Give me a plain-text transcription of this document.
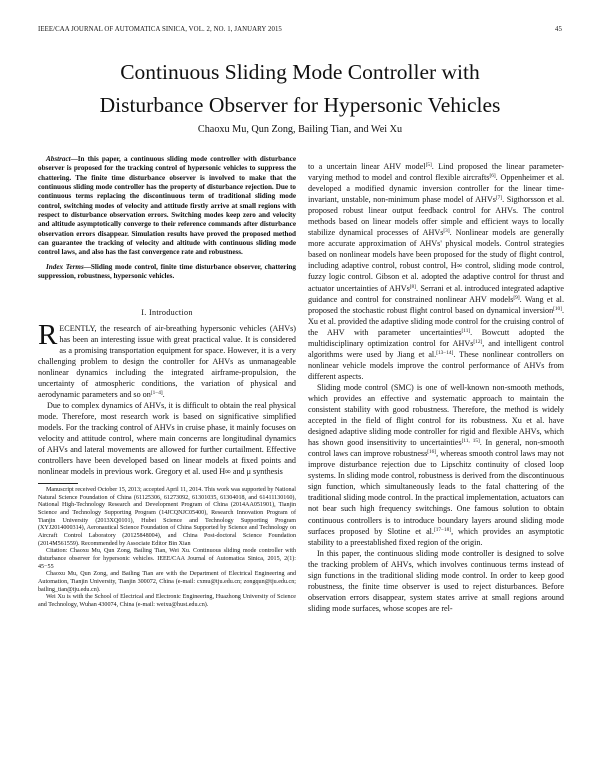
IEEE/CAA JOURNAL OF AUTOMATICA SINICA, VOL. 2, NO. 1, JANUARY 2015	45
Continuous Sliding Mode Controller with
Disturbance Observer for Hypersonic Vehicles
Chaoxu Mu, Qun Zong, Bailing Tian, and Wei Xu

Abstract—In this paper, a continuous sliding mode controller with disturbance observer is proposed for the tracking control of hypersonic vehicles to suppress the chattering. The finite time disturbance observer is involved to make that the continuous sliding mode controller has the property of disturbance rejection. Due to continuous terms replacing the discontinuous term of traditional sliding mode control, switching modes of velocity and attitude firstly arrive at small regions with respect to disturbance observation errors. Switching modes keep zero and velocity and altitude asymptotically converge to their reference commands after disturbance observation errors disappear. Simulation results have proved the proposed method can guarantee the tracking of velocity and altitude with continuous sliding mode control laws, and also has the fast convergence rate and robustness.

Index Terms—Sliding mode control, finite time disturbance observer, chattering suppression, robustness, hypersonic vehicles.

I. Introduction

RECENTLY, the research of air-breathing hypersonic vehicles (AHVs) has been an interesting issue with great practical value. It is considered as a promising transportation equipment for space. However, it is a very challenging problem to design the controller for AHVs as unmanageable nonlinear dynamics including the integrated airframe-propulsion, the uncertainty of atmospheric conditions, the variation of physical and aerodynamic parameters and so on[1−4].

Due to complex dynamics of AHVs, it is difficult to obtain the real physical mode. Therefore, most research work is based on significative simplified models. For the tracking control of AHVs in cruise phase, it mainly focuses on velocity and attitude control, where main concerns are longitudinal dynamics of AHVs and lateral movements are allowed for further curtailment. Effective controllers have been developed based on linear models at fixed points and nonlinear models in previous work. Gregory et al. used H∞ and μ synthesis

Manuscript received October 15, 2013; accepted April 11, 2014. This work was supported by National Natural Science Foundation of China (61125306, 61273092, 61301035, 61304018, and 61411130160), National High-Technology Research and Development Program of China (2014AA051901), Tianjin Science and Technology Supporting Program (14JCQNJC05400), Research Innovation Program of Tianjin University (2013XQ0101), Hubei Science and Technology Supporting Program (XYJ2014000314), Aeronautical Science Foundation of China Supported by Science and Technology on Aircraft Control Laboratory (20125848004), and China Post-doctoral Science Foundation (2014M561559). Recommended by Associate Editor Bin Xian

Citation: Chaoxu Mu, Qun Zong, Bailing Tian, Wei Xu. Continuous sliding mode controller with disturbance observer for hypersonic vehicles. IEEE/CAA Journal of Automatica Sinica, 2015, 2(1): 45−55

Chaoxu Mu, Qun Zong, and Bailing Tian are with the Department of Electrical Engineering and Automation, Tianjin University, Tianjin 300072, China (e-mail: cxmu@tju.edu.cn; zongqun@tju.edu.cn; bailing_tian@tju.edu.cn).

Wei Xu is with the School of Electrical and Electronic Engineering, Huazhong University of Science and Technology, Wuhan 430074, China (e-mail: weixu@hust.edu.cn).

to a uncertain linear AHV model[5]. Lind proposed the linear parameter-varying method to model and control flexible aircrafts[6]. Oppenheimer et al. developed a modified dynamic inversion controller for the linear time-invariant, unstable, non-minimum phase model of AHVs[7]. Sigthorsson et al. proposed robust linear output feedback control for AHVs. The control methods based on linear models offer simple and efficient ways to locally stabilize dynamical processes of AHVs[3]. Nonlinear models are generally more accurate approximation of AHVs' physical models. Control strategies based on nonlinear models have been proposed for the study of flight control, including adaptive control, robust control, H∞ control, sliding mode control, fuzzy logic control. Gibson et al. adopted the adaptive control for thrust and actuator uncertainties of AHVs[8]. Serrani et al. introduced integrated adaptive guidance and control for constrained nonlinear AHV models[9]. Wang et al. proposed the stochastic robust flight control based on dynamical inversion[10]. Xu et al. provided the adaptive sliding mode control for the cruising control of the AHV with parameter uncertainties[11]. Bowcutt adopted the multidisciplinary optimization control for AHVs[12], and intelligent control algorithms were used by Jiang et al.[13−14]. These nonlinear controllers on nonlinear vehicle models improve the control performance of AHVs from different aspects.

Sliding mode control (SMC) is one of well-known non-smooth methods, which provides an effective and systematic approach to maintain the consistent stability with good robustness. Therefore, the method is widely accepted in the field of flight control for its robustness. Xu et al. have designed adaptive sliding mode controller for rigid and flexible AHVs, which has shown good insensitivity to uncertainties[11, 15]. In general, non-smooth control laws can improve robustness[16], whereas smooth control laws may not improve disturbance rejection due to Lipschitz continuity of closed loop systems. In sliding mode control, robustness is derived from the discontinuous sign function, which simultaneously leads to the fatal chattering of the traditional sliding mode control. In the practical implementation, actuators can not bear such high frequency switchings. One famous solution to obtain continuous controllers is to introduce boundary layers around sliding mode surfaces proposed by Slotine et al.[17−18], which provides an asymptotic stability to a preestablished fixed region of the origin.

In this paper, the continuous sliding mode controller is designed to solve the tracking problem of AHVs, which involves continuous terms instead of sign functions in the traditional sliding mode control. In order to keep good robustness, the finite time observer is used to reject disturbances. Before observation errors disappear, system states arrive at small regions around sliding mode surfaces, whose scopes are rel-
